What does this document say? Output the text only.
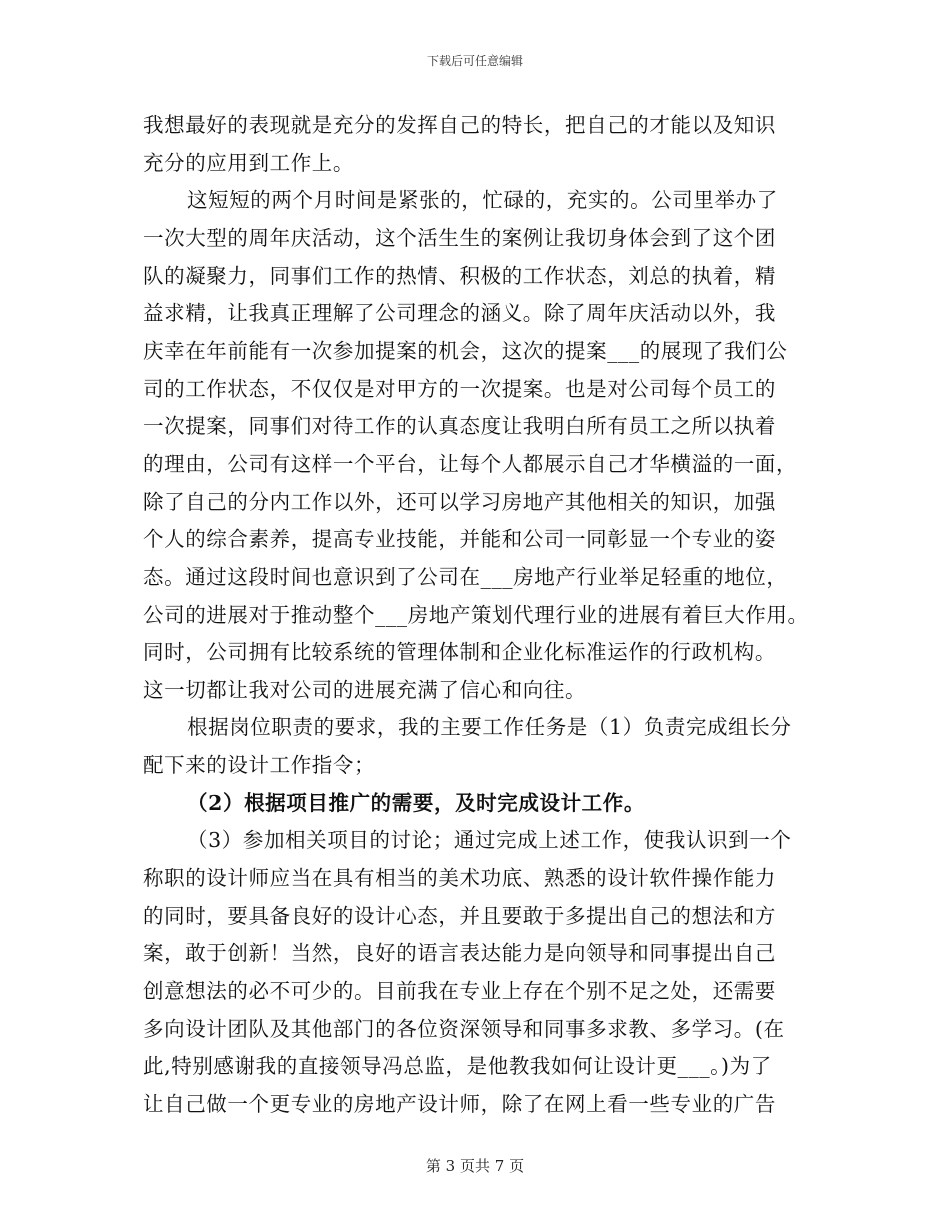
下载后可任意编辑
我想最好的表现就是充分的发挥自己的特长，把自己的才能以及知识
充分的应用到工作上。
这短短的两个月时间是紧张的，忙碌的，充实的。公司里举办了
一次大型的周年庆活动，这个活生生的案例让我切身体会到了这个团
队的凝聚力，同事们工作的热情、积极的工作状态，刘总的执着，精
益求精，让我真正理解了公司理念的涵义。除了周年庆活动以外，我
庆幸在年前能有一次参加提案的机会，这次的提案___的展现了我们公
司的工作状态，不仅仅是对甲方的一次提案。也是对公司每个员工的
一次提案，同事们对待工作的认真态度让我明白所有员工之所以执着
的理由，公司有这样一个平台，让每个人都展示自己才华横溢的一面，
除了自己的分内工作以外，还可以学习房地产其他相关的知识，加强
个人的综合素养，提高专业技能，并能和公司一同彰显一个专业的姿
态。通过这段时间也意识到了公司在___房地产行业举足轻重的地位，
公司的进展对于推动整个___房地产策划代理行业的进展有着巨大作用。
同时，公司拥有比较系统的管理体制和企业化标准运作的行政机构。
这一切都让我对公司的进展充满了信心和向往。
根据岗位职责的要求，我的主要工作任务是（1）负责完成组长分
配下来的设计工作指令；
（2）根据项目推广的需要，及时完成设计工作。
（3）参加相关项目的讨论；通过完成上述工作，使我认识到一个
称职的设计师应当在具有相当的美术功底、熟悉的设计软件操作能力
的同时，要具备良好的设计心态，并且要敢于多提出自己的想法和方
案，敢于创新！当然，良好的语言表达能力是向领导和同事提出自己
创意想法的必不可少的。目前我在专业上存在个别不足之处，还需要
多向设计团队及其他部门的各位资深领导和同事多求教、多学习。(在
此,特别感谢我的直接领导冯总监，是他教我如何让设计更___。)为了
让自己做一个更专业的房地产设计师，除了在网上看一些专业的广告
第 3 页共 7 页
